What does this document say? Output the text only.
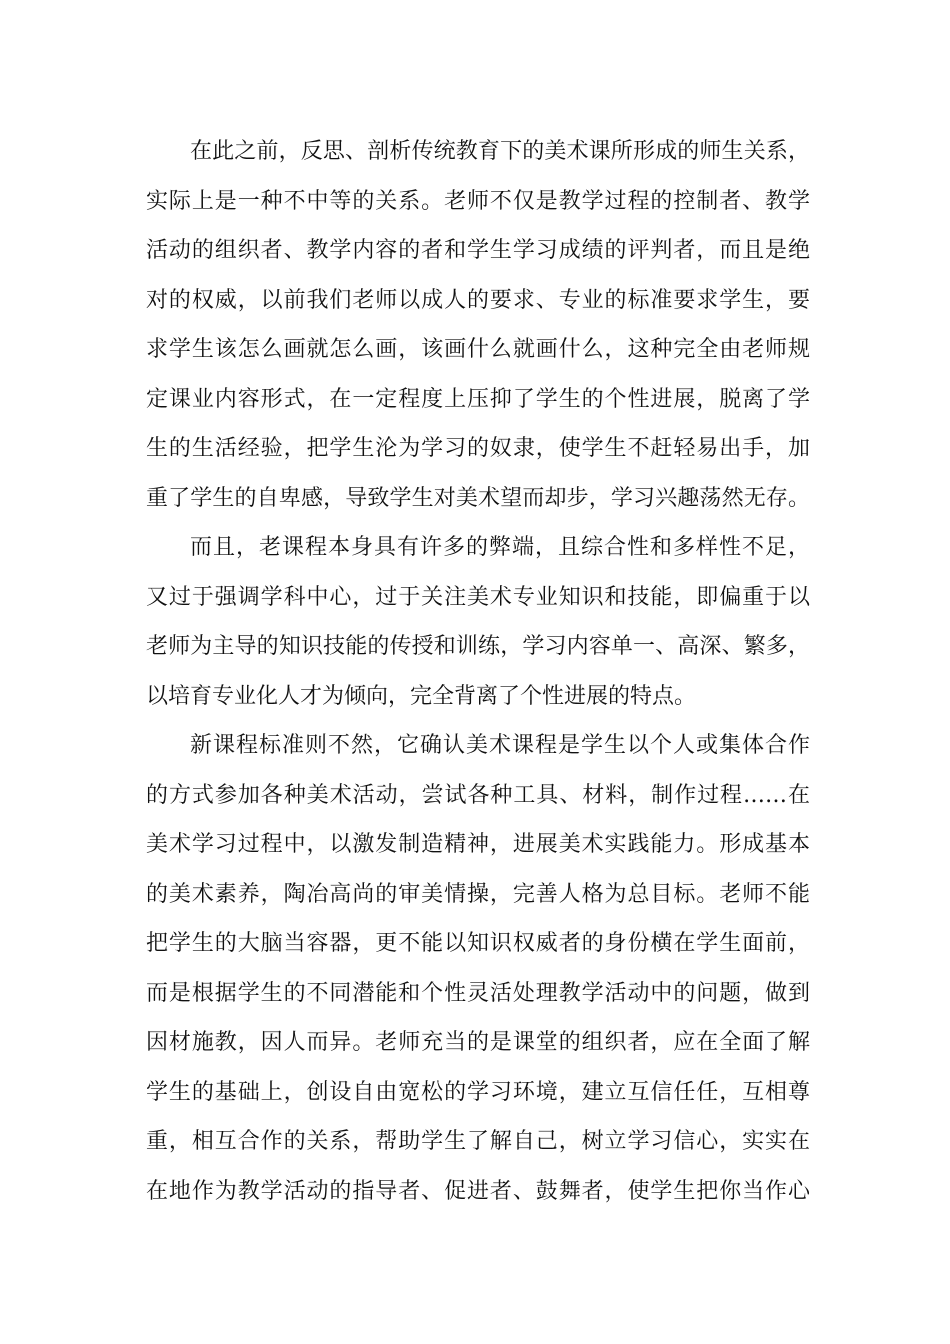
在此之前，反思、剖析传统教育下的美术课所形成的师生关系，
实际上是一种不中等的关系。老师不仅是教学过程的控制者、教学
活动的组织者、教学内容的者和学生学习成绩的评判者，而且是绝
对的权威，以前我们老师以成人的要求、专业的标准要求学生，要
求学生该怎么画就怎么画，该画什么就画什么，这种完全由老师规
定课业内容形式，在一定程度上压抑了学生的个性进展，脱离了学
生的生活经验，把学生沦为学习的奴隶，使学生不赶轻易出手，加
重了学生的自卑感，导致学生对美术望而却步，学习兴趣荡然无存。
而且，老课程本身具有许多的弊端，且综合性和多样性不足，
又过于强调学科中心，过于关注美术专业知识和技能，即偏重于以
老师为主导的知识技能的传授和训练，学习内容单一、高深、繁多，
以培育专业化人才为倾向，完全背离了个性进展的特点。
新课程标准则不然，它确认美术课程是学生以个人或集体合作
的方式参加各种美术活动，尝试各种工具、材料，制作过程……在
美术学习过程中，以激发制造精神，进展美术实践能力。形成基本
的美术素养，陶冶高尚的审美情操，完善人格为总目标。老师不能
把学生的大脑当容器，更不能以知识权威者的身份横在学生面前，
而是根据学生的不同潜能和个性灵活处理教学活动中的问题，做到
因材施教，因人而异。老师充当的是课堂的组织者，应在全面了解
学生的基础上，创设自由宽松的学习环境，建立互信任任，互相尊
重，相互合作的关系，帮助学生了解自己，树立学习信心，实实在
在地作为教学活动的指导者、促进者、鼓舞者，使学生把你当作心
